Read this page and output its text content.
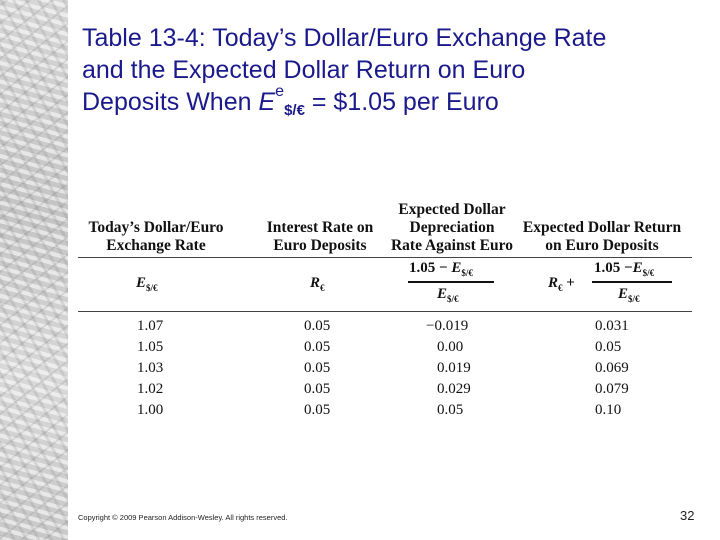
Table 13-4: Today’s Dollar/Euro Exchange Rate
and the Expected Dollar Return on Euro
Deposits When $E^e_{\$/€}$ = $1.05 per Euro
Today’s Dollar/Euro
Exchange Rate
Interest Rate on
Euro Deposits
Expected Dollar
Depreciation
Rate Against Euro
Expected Dollar Return
on Euro Deposits
$E_{\$/€}$	$R_€$
$1.05 - E_{\$/€}$
$E_{\$/€}$
$R_€$ +
$1.05 -E_{\$/€}$
$E_{\$/€}$
1.07
1.05
1.03
1.02
1.00
0.05
0.05
0.05
0.05
0.05
−0.019
0.00
0.019
0.029
0.05
0.031
0.05
0.069
0.079
0.10
Copyright © 2009 Pearson Addison-Wesley. All rights reserved.	32
